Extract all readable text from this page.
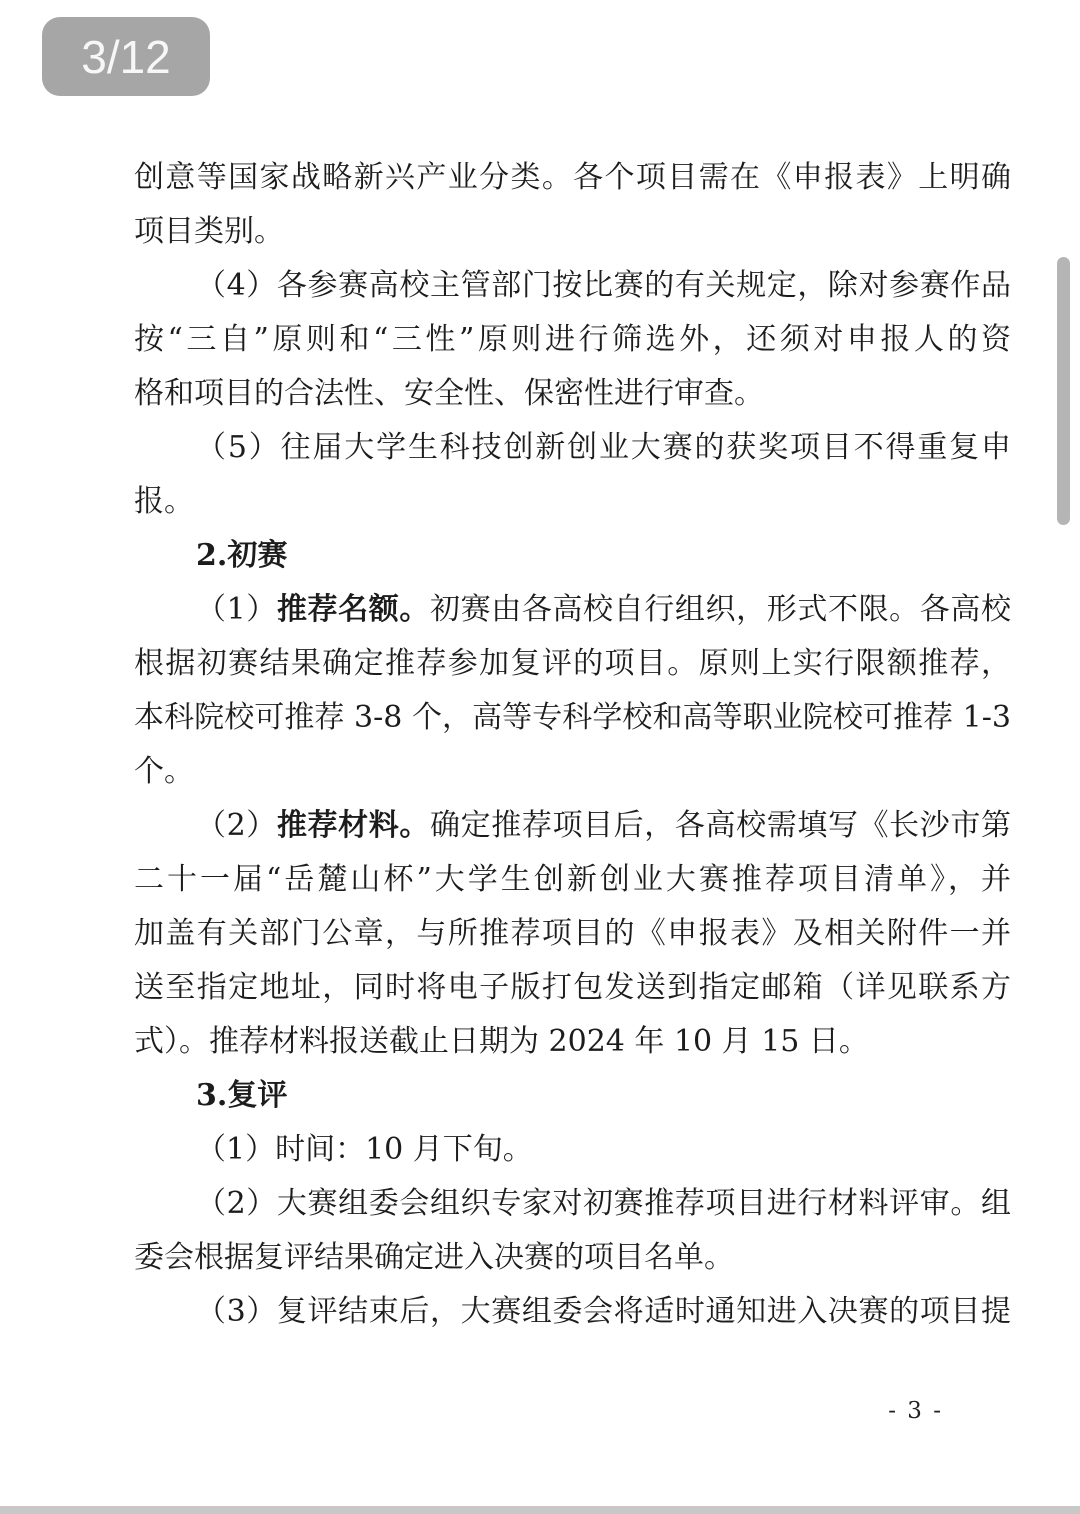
创意等国家战略新兴产业分类。各个项目需在《申报表》上明确
项目类别。
（4）各参赛高校主管部门按比赛的有关规定，除对参赛作品
按“三自”原则和“三性”原则进行筛选外，还须对申报人的资
格和项目的合法性、安全性、保密性进行审查。
（5）往届大学生科技创新创业大赛的获奖项目不得重复申
报。
2.初赛
（1）推荐名额。初赛由各高校自行组织，形式不限。各高校
根据初赛结果确定推荐参加复评的项目。原则上实行限额推荐，
本科院校可推荐 3-8 个，高等专科学校和高等职业院校可推荐 1-3
个。
（2）推荐材料。确定推荐项目后，各高校需填写《长沙市第
二十一届“岳麓山杯”大学生创新创业大赛推荐项目清单》，并
加盖有关部门公章，与所推荐项目的《申报表》及相关附件一并
送至指定地址，同时将电子版打包发送到指定邮箱（详见联系方
式）。推荐材料报送截止日期为 2024 年 10 月 15 日。
3.复评
（1）时间：10 月下旬。
（2）大赛组委会组织专家对初赛推荐项目进行材料评审。组
委会根据复评结果确定进入决赛的项目名单。
（3）复评结束后，大赛组委会将适时通知进入决赛的项目提
- 3 -
3/12
